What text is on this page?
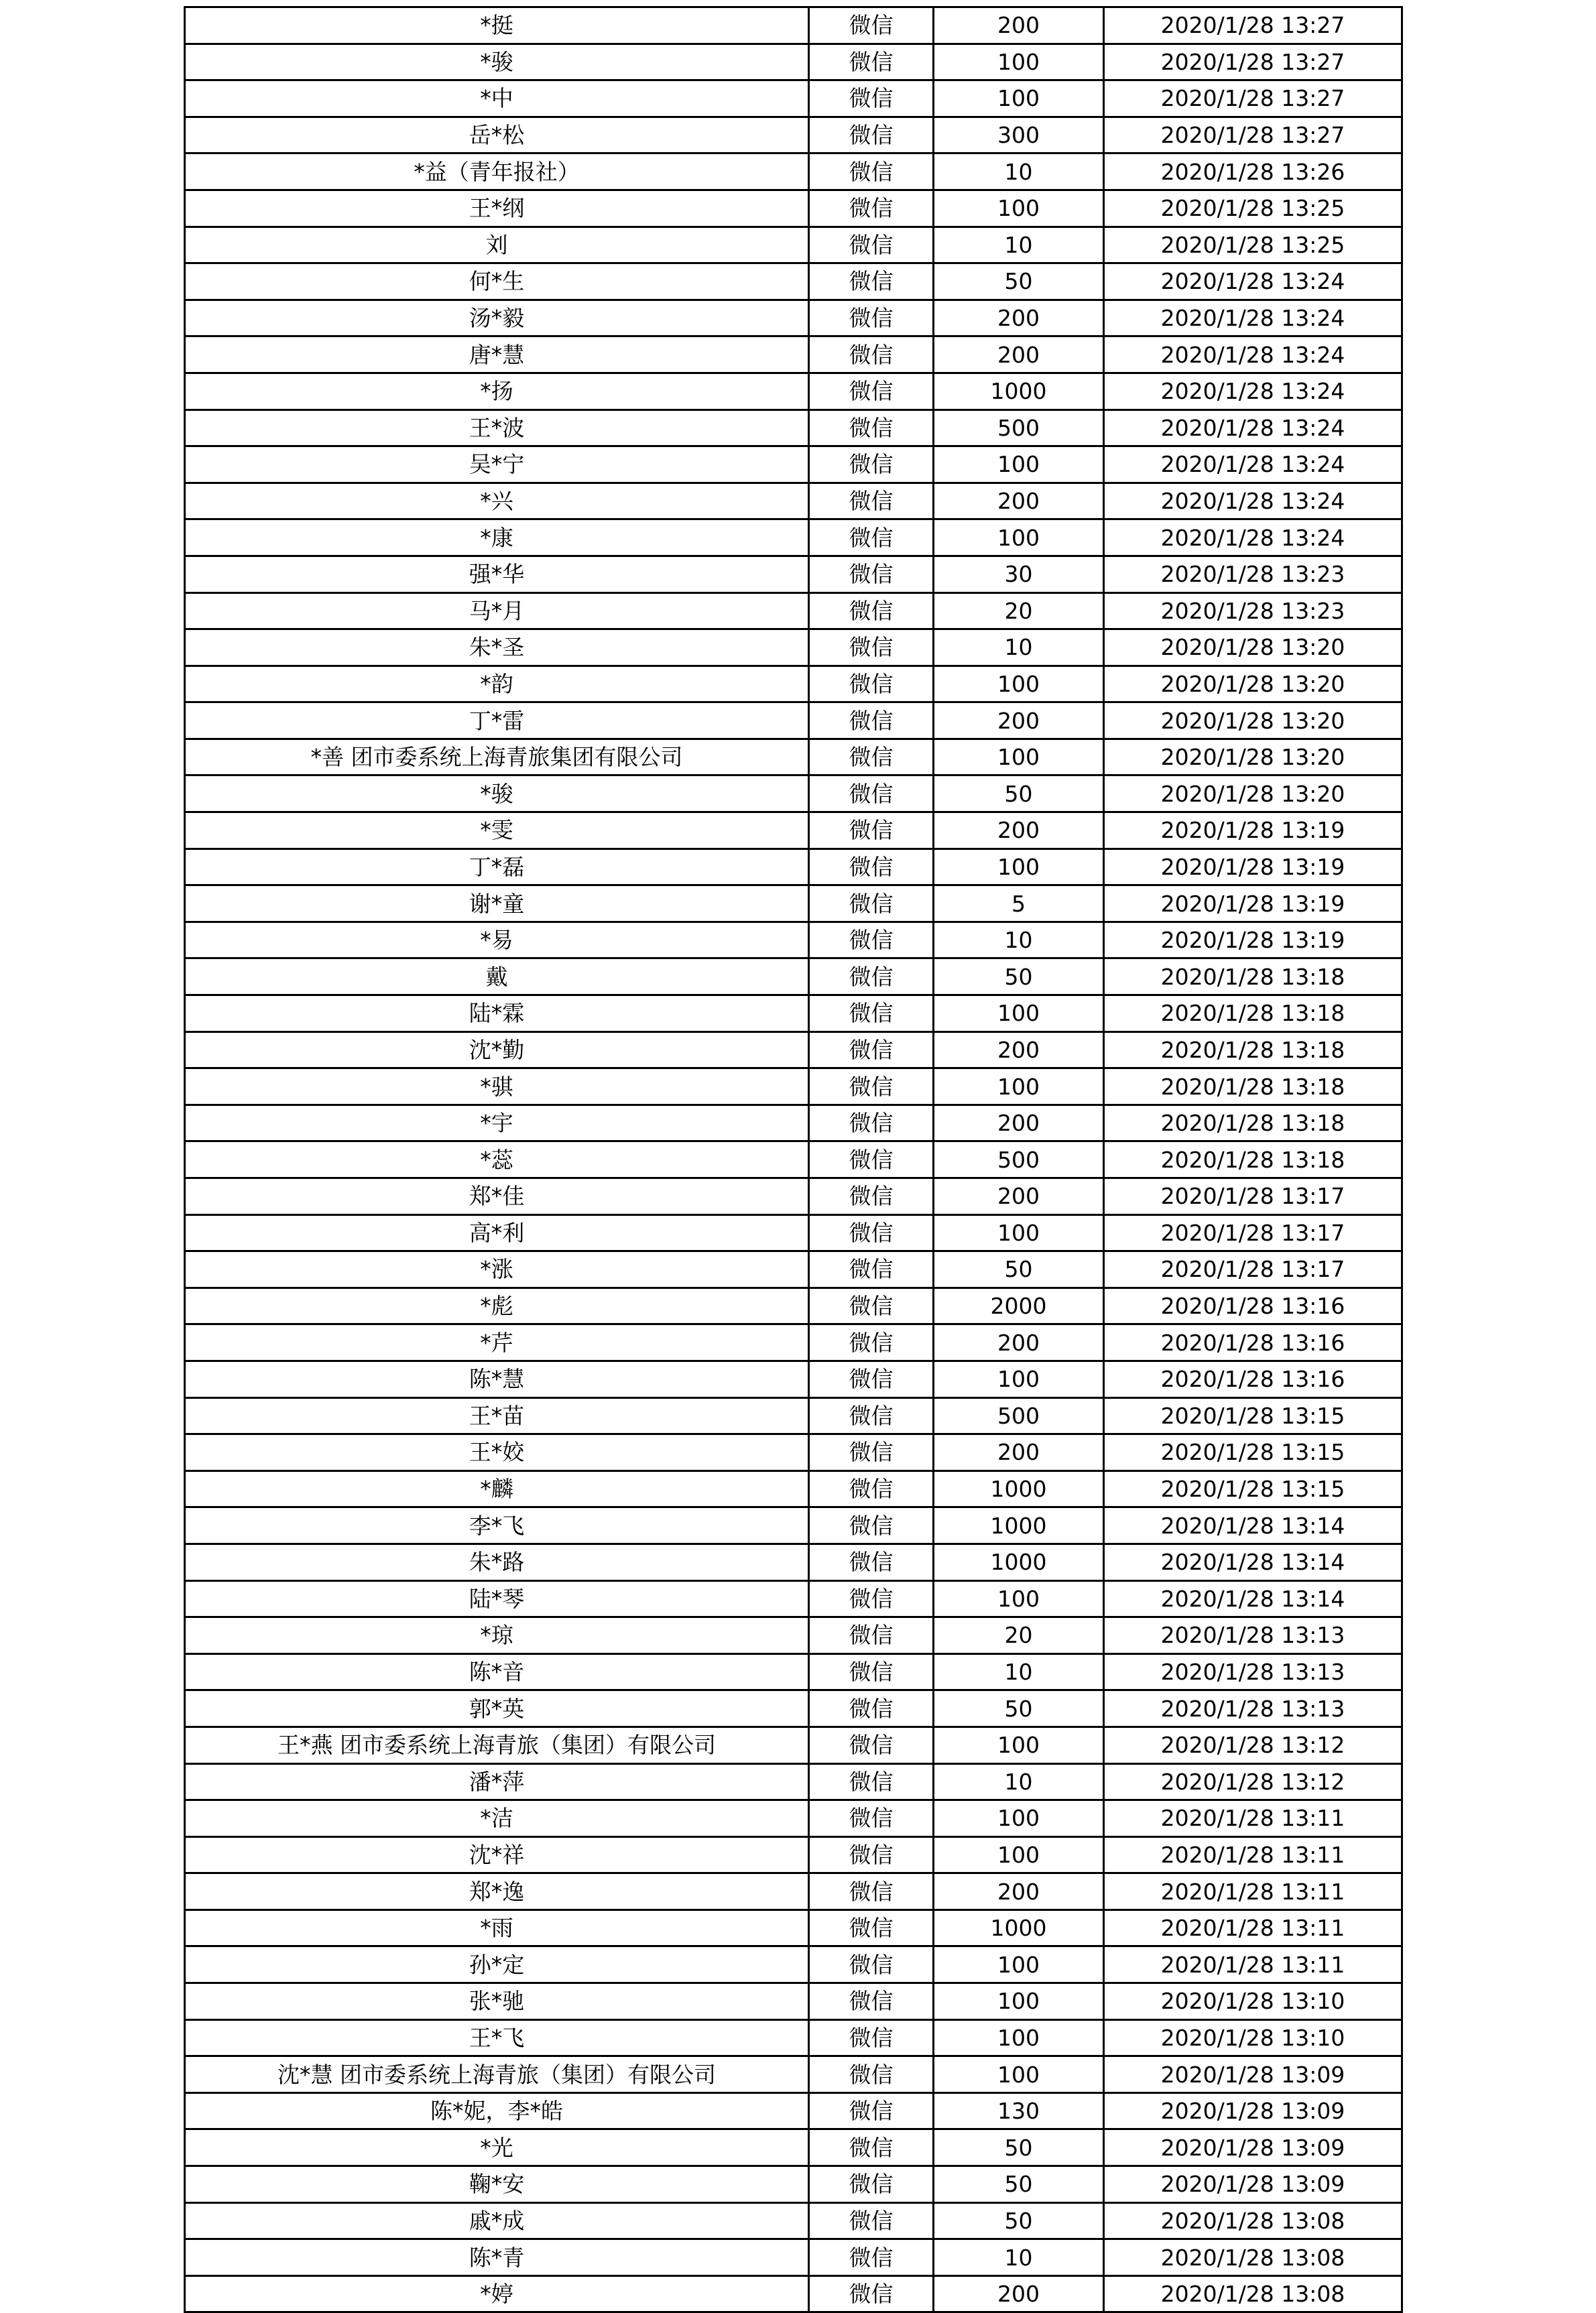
*挺	微信	200	2020/1/28 13:27
*骏	微信	100	2020/1/28 13:27
*中	微信	100	2020/1/28 13:27
岳*松	微信	300	2020/1/28 13:27
*益（青年报社）	微信	10	2020/1/28 13:26
王*纲	微信	100	2020/1/28 13:25
刘	微信	10	2020/1/28 13:25
何*生	微信	50	2020/1/28 13:24
汤*毅	微信	200	2020/1/28 13:24
唐*慧	微信	200	2020/1/28 13:24
*扬	微信	1000	2020/1/28 13:24
王*波	微信	500	2020/1/28 13:24
吴*宁	微信	100	2020/1/28 13:24
*兴	微信	200	2020/1/28 13:24
*康	微信	100	2020/1/28 13:24
强*华	微信	30	2020/1/28 13:23
马*月	微信	20	2020/1/28 13:23
朱*圣	微信	10	2020/1/28 13:20
*韵	微信	100	2020/1/28 13:20
丁*雷	微信	200	2020/1/28 13:20
*善 团市委系统上海青旅集团有限公司	微信	100	2020/1/28 13:20
*骏	微信	50	2020/1/28 13:20
*雯	微信	200	2020/1/28 13:19
丁*磊	微信	100	2020/1/28 13:19
谢*童	微信	5	2020/1/28 13:19
*易	微信	10	2020/1/28 13:19
戴	微信	50	2020/1/28 13:18
陆*霖	微信	100	2020/1/28 13:18
沈*勤	微信	200	2020/1/28 13:18
*骐	微信	100	2020/1/28 13:18
*宇	微信	200	2020/1/28 13:18
*蕊	微信	500	2020/1/28 13:18
郑*佳	微信	200	2020/1/28 13:17
高*利	微信	100	2020/1/28 13:17
*涨	微信	50	2020/1/28 13:17
*彪	微信	2000	2020/1/28 13:16
*芹	微信	200	2020/1/28 13:16
陈*慧	微信	100	2020/1/28 13:16
王*苗	微信	500	2020/1/28 13:15
王*姣	微信	200	2020/1/28 13:15
*麟	微信	1000	2020/1/28 13:15
李*飞	微信	1000	2020/1/28 13:14
朱*路	微信	1000	2020/1/28 13:14
陆*琴	微信	100	2020/1/28 13:14
*琼	微信	20	2020/1/28 13:13
陈*音	微信	10	2020/1/28 13:13
郭*英	微信	50	2020/1/28 13:13
王*燕 团市委系统上海青旅（集团）有限公司	微信	100	2020/1/28 13:12
潘*萍	微信	10	2020/1/28 13:12
*洁	微信	100	2020/1/28 13:11
沈*祥	微信	100	2020/1/28 13:11
郑*逸	微信	200	2020/1/28 13:11
*雨	微信	1000	2020/1/28 13:11
孙*定	微信	100	2020/1/28 13:11
张*驰	微信	100	2020/1/28 13:10
王*飞	微信	100	2020/1/28 13:10
沈*慧 团市委系统上海青旅（集团）有限公司	微信	100	2020/1/28 13:09
陈*妮，李*皓	微信	130	2020/1/28 13:09
*光	微信	50	2020/1/28 13:09
鞠*安	微信	50	2020/1/28 13:09
戚*成	微信	50	2020/1/28 13:08
陈*青	微信	10	2020/1/28 13:08
*婷	微信	200	2020/1/28 13:08
